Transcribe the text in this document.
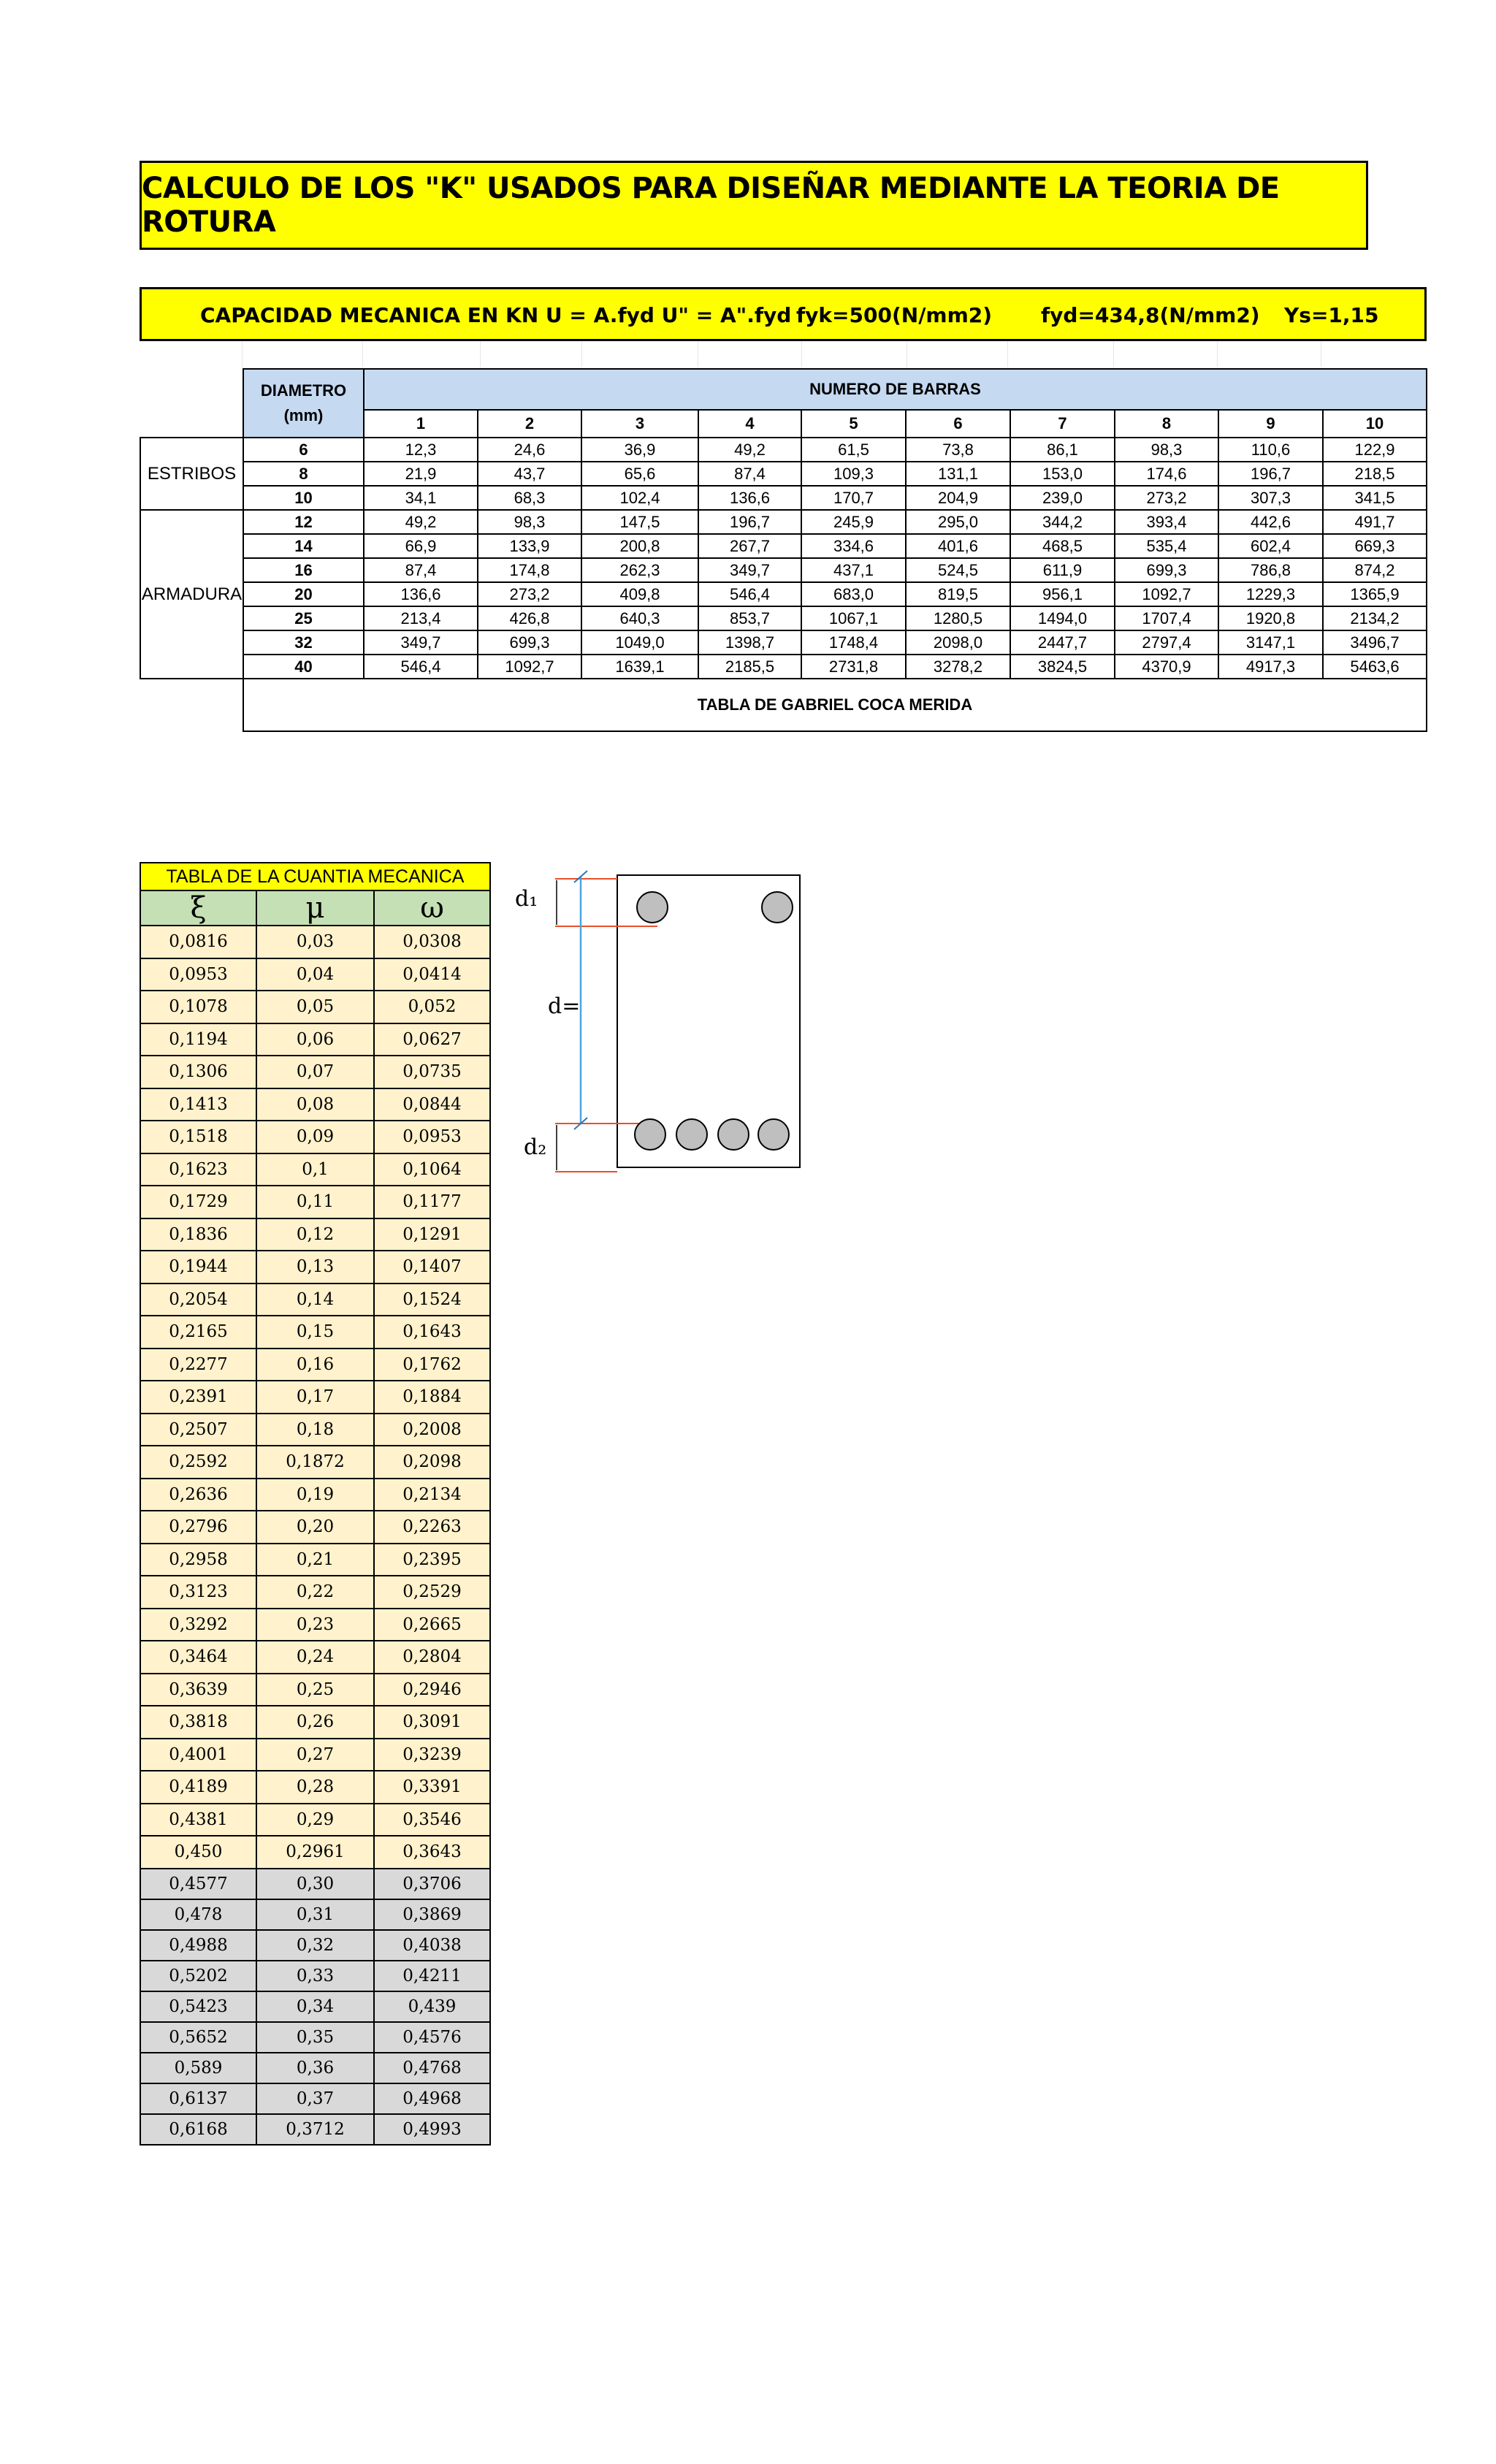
CALCULO DE LOS "K" USADOS PARA DISEÑAR MEDIANTE LA TEORIA DE ROTURA
CAPACIDAD MECANICA EN KN U = A.fyd U" = A".fyd fyk=500(N/mm2) fyd=434,8(N/mm2) Ys=1,15

	DIAMETRO
(mm)	NUMERO DE BARRAS									
		1	2	3	4	5	6	7	8	9	10
ESTRIBOS	6	12,3	24,6	36,9	49,2	61,5	73,8	86,1	98,3	110,6	122,9
	8	21,9	43,7	65,6	87,4	109,3	131,1	153,0	174,6	196,7	218,5
	10	34,1	68,3	102,4	136,6	170,7	204,9	239,0	273,2	307,3	341,5
ARMADURA	12	49,2	98,3	147,5	196,7	245,9	295,0	344,2	393,4	442,6	491,7
	14	66,9	133,9	200,8	267,7	334,6	401,6	468,5	535,4	602,4	669,3
	16	87,4	174,8	262,3	349,7	437,1	524,5	611,9	699,3	786,8	874,2
	20	136,6	273,2	409,8	546,4	683,0	819,5	956,1	1092,7	1229,3	1365,9
	25	213,4	426,8	640,3	853,7	1067,1	1280,5	1494,0	1707,4	1920,8	2134,2
	32	349,7	699,3	1049,0	1398,7	1748,4	2098,0	2447,7	2797,4	3147,1	3496,7
	40	546,4	1092,7	1639,1	2185,5	2731,8	3278,2	3824,5	4370,9	4917,3	5463,6
	TABLA DE GABRIEL COCA MERIDA										
TABLA DE LA CUANTIA MECANICA		
ξ	μ	ω
0,0816	0,03	0,0308
0,0953	0,04	0,0414
0,1078	0,05	0,052
0,1194	0,06	0,0627
0,1306	0,07	0,0735
0,1413	0,08	0,0844
0,1518	0,09	0,0953
0,1623	0,1	0,1064
0,1729	0,11	0,1177
0,1836	0,12	0,1291
0,1944	0,13	0,1407
0,2054	0,14	0,1524
0,2165	0,15	0,1643
0,2277	0,16	0,1762
0,2391	0,17	0,1884
0,2507	0,18	0,2008
0,2592	0,1872	0,2098
0,2636	0,19	0,2134
0,2796	0,20	0,2263
0,2958	0,21	0,2395
0,3123	0,22	0,2529
0,3292	0,23	0,2665
0,3464	0,24	0,2804
0,3639	0,25	0,2946
0,3818	0,26	0,3091
0,4001	0,27	0,3239
0,4189	0,28	0,3391
0,4381	0,29	0,3546
0,450	0,2961	0,3643
0,4577	0,30	0,3706
0,478	0,31	0,3869
0,4988	0,32	0,4038
0,5202	0,33	0,4211
0,5423	0,34	0,439
0,5652	0,35	0,4576
0,589	0,36	0,4768
0,6137	0,37	0,4968
0,6168	0,3712	0,4993
d₁
d=
d₂
